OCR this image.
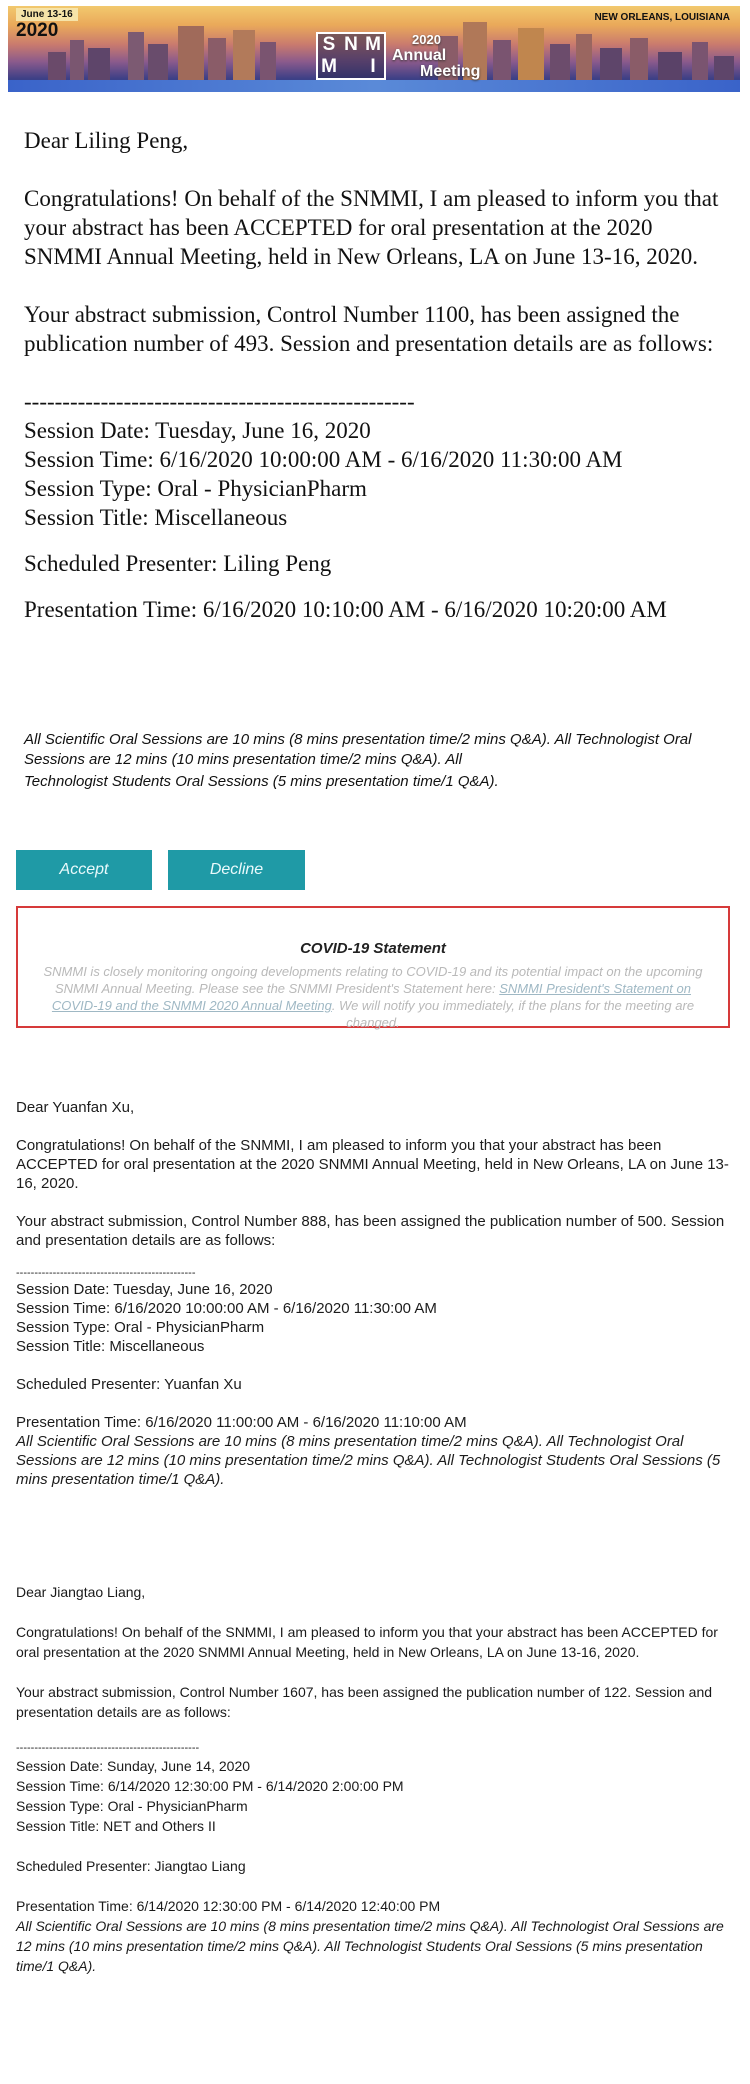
June 13-16
2020
NEW ORLEANS, LOUISIANA
S N M
M	I
2020
Annual
Meeting

Dear Liling Peng,

Congratulations! On behalf of the SNMMI, I am pleased to inform you that your abstract has been ACCEPTED for oral presentation at the 2020 SNMMI Annual Meeting, held in New Orleans, LA on June 13-16, 2020.

Your abstract submission, Control Number 1100, has been assigned the publication number of 493. Session and presentation details are as follows:

---------------------------------------------------

Session Date: Tuesday, June 16, 2020

Session Time: 6/16/2020 10:00:00 AM - 6/16/2020 11:30:00 AM

Session Type: Oral - PhysicianPharm

Session Title: Miscellaneous

Scheduled Presenter: Liling Peng

Presentation Time: 6/16/2020 10:10:00 AM - 6/16/2020 10:20:00 AM

All Scientific Oral Sessions are 10 mins (8 mins presentation time/2 mins Q&A). All Technologist Oral Sessions are 12 mins (10 mins presentation time/2 mins Q&A). All
Technologist Students Oral Sessions (5 mins presentation time/1 Q&A).
Accept	Decline
COVID-19 Statement
SNMMI is closely monitoring ongoing developments relating to COVID-19 and its potential impact on the upcoming SNMMI Annual Meeting. Please see the SNMMI President's Statement here: SNMMI President's Statement on COVID-19 and the SNMMI 2020 Annual Meeting. We will notify you immediately, if the plans for the meeting are changed.

Dear Yuanfan Xu,

Congratulations! On behalf of the SNMMI, I am pleased to inform you that your abstract has been ACCEPTED for oral presentation at the 2020 SNMMI Annual Meeting, held in New Orleans, LA on June 13-16, 2020.

Your abstract submission, Control Number 888, has been assigned the publication number of 500. Session and presentation details are as follows:

-------------------------------------------------

Session Date: Tuesday, June 16, 2020

Session Time: 6/16/2020 10:00:00 AM - 6/16/2020 11:30:00 AM

Session Type: Oral - PhysicianPharm

Session Title: Miscellaneous

Scheduled Presenter: Yuanfan Xu

Presentation Time: 6/16/2020 11:00:00 AM - 6/16/2020 11:10:00 AM

All Scientific Oral Sessions are 10 mins (8 mins presentation time/2 mins Q&A). All Technologist Oral Sessions are 12 mins (10 mins presentation time/2 mins Q&A). All Technologist Students Oral Sessions (5 mins presentation time/1 Q&A).

Dear Jiangtao Liang,

Congratulations! On behalf of the SNMMI, I am pleased to inform you that your abstract has been ACCEPTED for oral presentation at the 2020 SNMMI Annual Meeting, held in New Orleans, LA on June 13-16, 2020.

Your abstract submission, Control Number 1607, has been assigned the publication number of 122. Session and presentation details are as follows:

--------------------------------------------------

Session Date: Sunday, June 14, 2020

Session Time: 6/14/2020 12:30:00 PM - 6/14/2020 2:00:00 PM

Session Type: Oral - PhysicianPharm

Session Title: NET and Others II

Scheduled Presenter: Jiangtao Liang

Presentation Time: 6/14/2020 12:30:00 PM - 6/14/2020 12:40:00 PM

All Scientific Oral Sessions are 10 mins (8 mins presentation time/2 mins Q&A). All Technologist Oral Sessions are 12 mins (10 mins presentation time/2 mins Q&A). All Technologist Students Oral Sessions (5 mins presentation time/1 Q&A).
